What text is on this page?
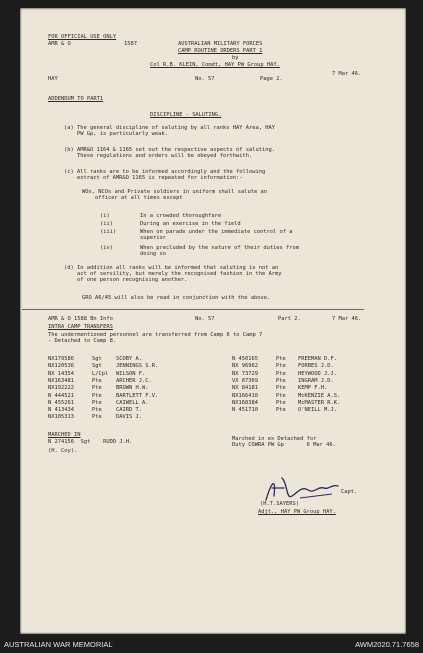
FOR OFFICIAL USE ONLY
AMR & O	1587	AUSTRALIAN MILITARY FORCES
CAMP ROUTINE ORDERS PART 1
by
Col R.B. KLEIN, Comdt, HAY PW Group HAY.
HAY	No. 57	Page 2.
7 Mar 46.
ADDENDUM TO PART1
DISCIPLINE - SALUTING.
(a) The general discipline of saluting by all ranks HAY Area, HAY
PW Gp, is particularly weak.
(b) AMR&O 1164 & 1165 set out the respective aspects of saluting.
These regulations and orders will be obeyed forthwith.
(c) All ranks are to be informed accordingly and the following
extract of AMR&O 1165 is repeated for information:-
WOs, NCOs and Private soldiers in uniform shall salute an
officer at all times except
(i)	In a crowded thoroughfare
(ii)	During an exercise in the field
(iii)	When on parade under the immediate control of a
superior
(iv)	When precluded by the nature of their duties from
doing so
(d) In addition all ranks will be informed that saluting is not an
act of servility, but merely the recognised fashion in the Army
of one person recognising another.
GRO A6/45 will also be read in conjunction with the above.
AMR & O 1588 Bn Info	No. 57	Part 2.	7 Mar 46.
INTRA CAMP TRANSFERS
The undermentioned personnel are transferred from Camp 6 to Camp 7
- Detached to Camp 8.
NX179586	Sgt	SCOBY A.
NX120536	Sgt	JENNINGS S.R.
NX 14354	L/Cpl WILSON F.
NX163481	Pte	ARCHER J.C.
NX192222	Pte	BROWN H.W.
N 444521	Pte	BARTLETT F.V.
N 455261	Pte	CAIWELL A.
N 413434	Pte	CAIRD T.
NX105313	Pte	DAVIS J.
N 450165	Pte FREEMAN D.F.
NX 96962	Pte FORBES J.D.
NX 73729	Pte HEYWOOD J.J.
VX 87369	Pte INGRAM J.D.
NX 84181	Pte KEMP F.H.
NX166410	Pte McKENZIE A.S.
NX168384	Pte McMASTER R.K.
N 451710	Pte O'NEILL M.J.
MARCHED IN
N 274156  Sgt    RUDD J.H.
(H. Coy).
Marched in ex Detached for
Duty COWRA PW Gp       6 Mar 46.
Capt.
(H.T.SAYERS)
Adjt., HAY PW Group HAY.
AUSTRALIAN WAR MEMORIAL	AWM2020.71.7658
